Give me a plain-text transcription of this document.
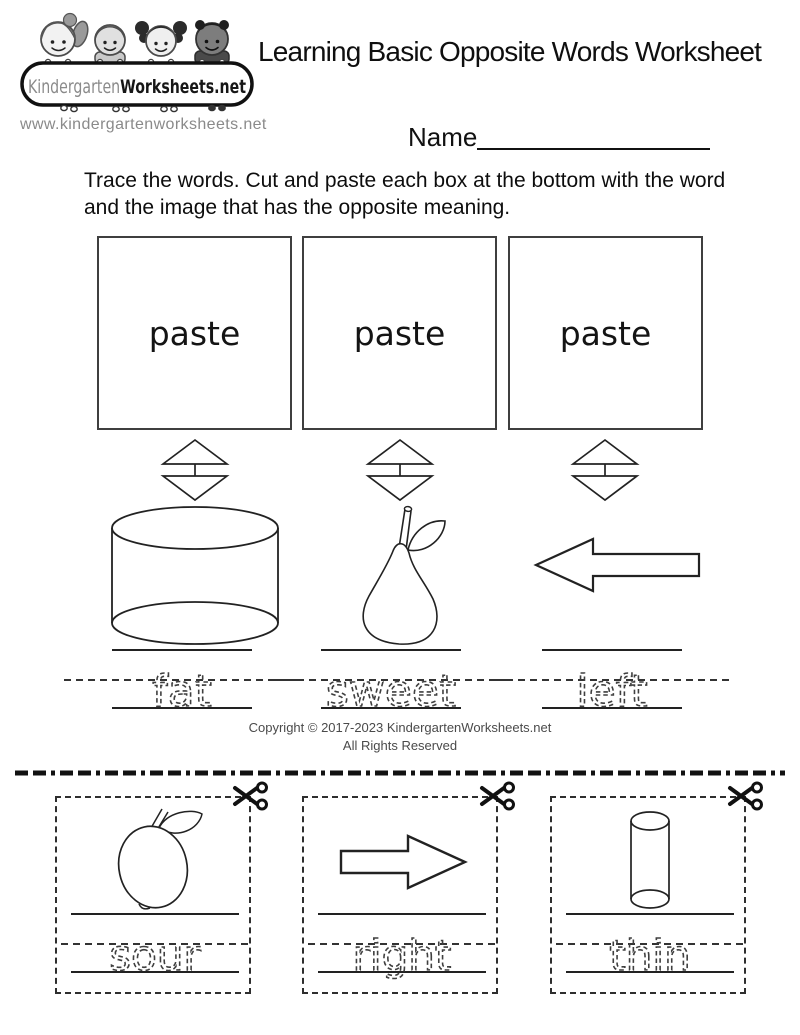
KindergartenWorksheets.net
www.kindergartenworksheets.net
Learning Basic Opposite Words Worksheet
Name
Trace the words. Cut and paste each box at the bottom with the word and the image that has the opposite meaning.
paste	paste	paste
fat	sweet	left
Copyright © 2017-2023 KindergartenWorksheets.net
All Rights Reserved
sour	right	thin
